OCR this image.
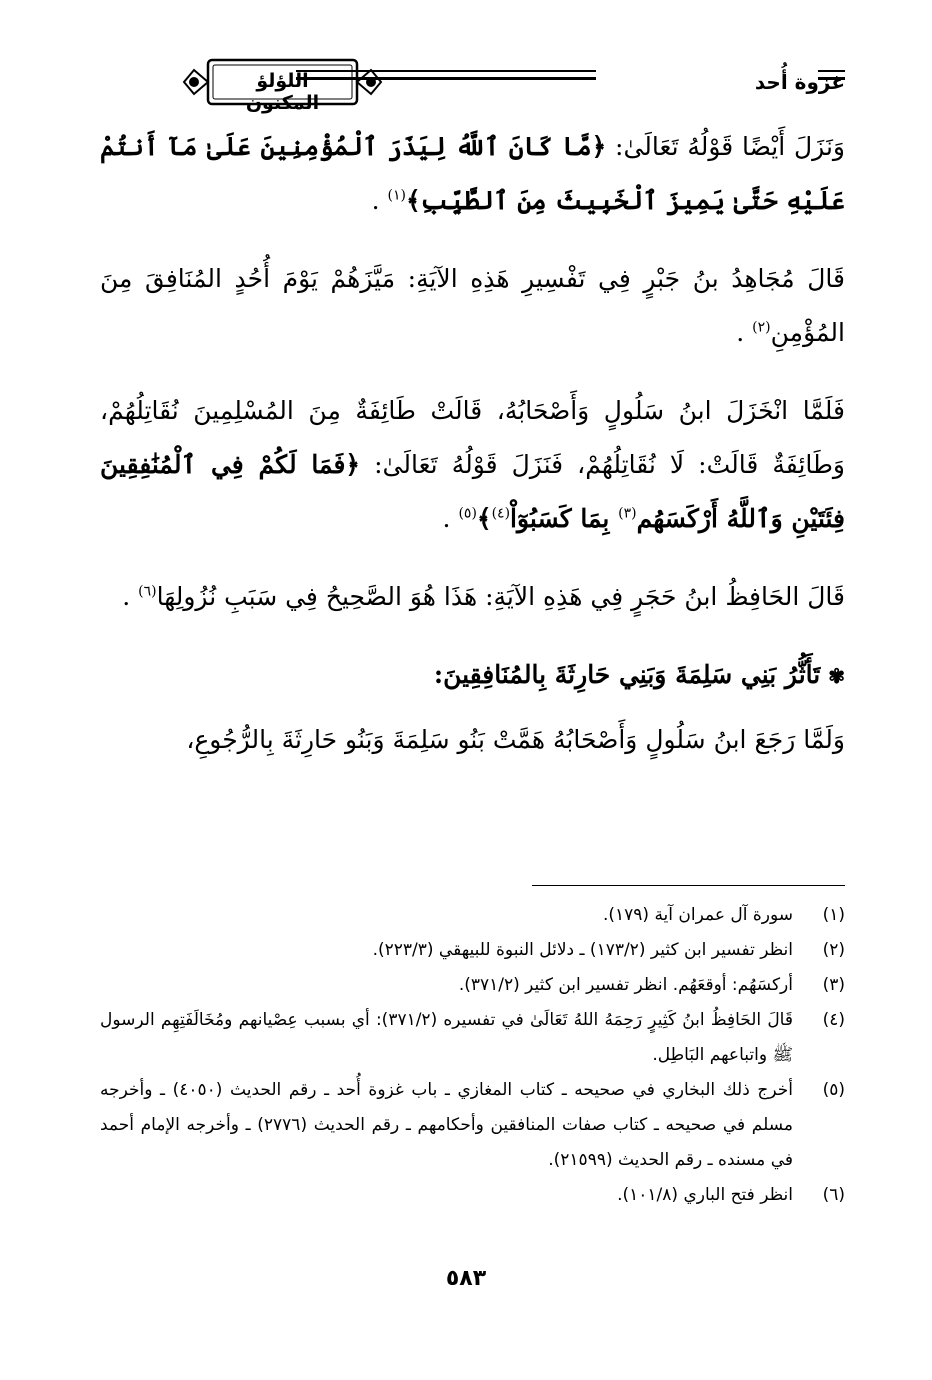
غزوة أُحد
اللؤلؤ المكنون

وَنَزَلَ أَيْضًا قَوْلُهُ تَعَالَىٰ: ﴿مَّا كَانَ ٱللَّهُ لِيَذَرَ ٱلْمُؤْمِنِينَ عَلَىٰ مَآ أَنتُمْ عَلَيْهِ حَتَّىٰ يَمِيزَ ٱلْخَبِيثَ مِنَ ٱلطَّيِّبِ﴾$^{(١)}$ .

قَالَ مُجَاهِدُ بنُ جَبْرٍ فِي تَفْسِيرِ هَذِهِ الآيَةِ: مَيَّزَهُمْ يَوْمَ أُحُدٍ المُنَافِقَ مِنَ المُؤْمِنِ$^{(٢)}$ .

فَلَمَّا انْخَزَلَ ابنُ سَلُولٍ وَأَصْحَابُهُ، قَالَتْ طَائِفَةٌ مِنَ المُسْلِمِينَ نُقَاتِلُهُمْ، وَطَائِفَةٌ قَالَتْ: لَا نُقَاتِلُهُمْ، فَنَزَلَ قَوْلُهُ تَعَالَىٰ: ﴿فَمَا لَكُمْ فِي ٱلْمُنَٰفِقِينَ فِئَتَيْنِ وَٱللَّهُ أَرْكَسَهُم$^{(٣)}$ بِمَا كَسَبُوٓاْ$^{(٤)}$﴾$^{(٥)}$ .

قَالَ الحَافِظُ ابنُ حَجَرٍ فِي هَذِهِ الآيَةِ: هَذَا هُوَ الصَّحِيحُ فِي سَبَبِ نُزُولِهَا$^{(٦)}$ .

✾تَأَثُّرُ بَنِي سَلِمَةَ وَبَنِي حَارِثَةَ بِالمُنَافِقِينَ:

وَلَمَّا رَجَعَ ابنُ سَلُولٍ وَأَصْحَابُهُ هَمَّتْ بَنُو سَلِمَةَ وَبَنُو حَارِثَةَ بِالرُّجُوعِ،

(١)
سورة آل عمران آية (١٧٩).
(٢)
انظر تفسير ابن كثير (١٧٣/٢) ـ دلائل النبوة للبيهقي (٢٢٣/٣).
(٣)
أركسَهُم: أوقعَهُم. انظر تفسير ابن كثير (٣٧١/٢).
(٤)
قَالَ الحَافِظُ ابنُ كَثِيرٍ رَحِمَهُ اللهُ تَعَالَىٰ في تفسيره (٣٧١/٢): أي بسبب عِصْيانهم ومُخَالَفَتِهِم الرسول ﷺ واتباعهم البَاطِل.
(٥)
أخرج ذلك البخاري في صحيحه ـ كتاب المغازي ـ باب غزوة أُحد ـ رقم الحديث (٤٠٥٠) ـ وأخرجه مسلم في صحيحه ـ كتاب صفات المنافقين وأحكامهم ـ رقم الحديث (٢٧٧٦) ـ وأخرجه الإمام أحمد في مسنده ـ رقم الحديث (٢١٥٩٩).
(٦)
انظر فتح الباري (١٠١/٨).
٥٨٣
